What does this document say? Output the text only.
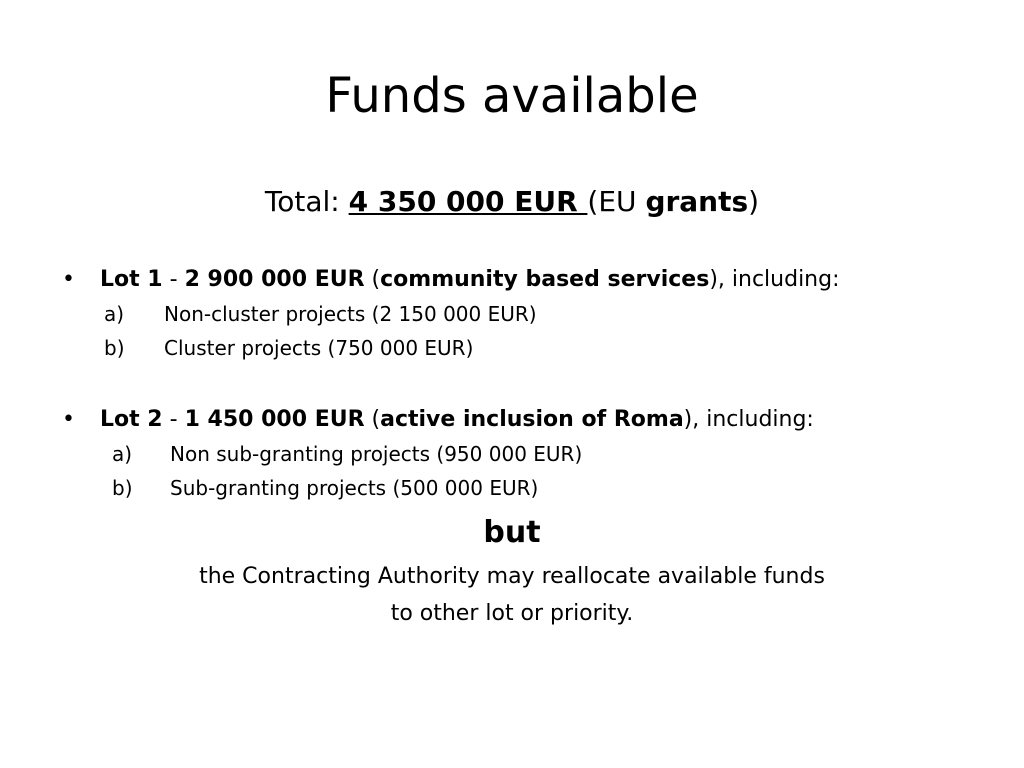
Funds available
Total: 4 350 000 EUR (EU grants)
•	Lot 1 - 2 900 000 EUR (community based services), including:
a) Non-cluster projects (2 150 000 EUR)
b) Cluster projects (750 000 EUR)
•	Lot 2 - 1 450 000 EUR (active inclusion of Roma), including:
a) Non sub-granting projects (950 000 EUR)
b) Sub-granting projects (500 000 EUR)
but
the Contracting Authority may reallocate available funds
to other lot or priority.
